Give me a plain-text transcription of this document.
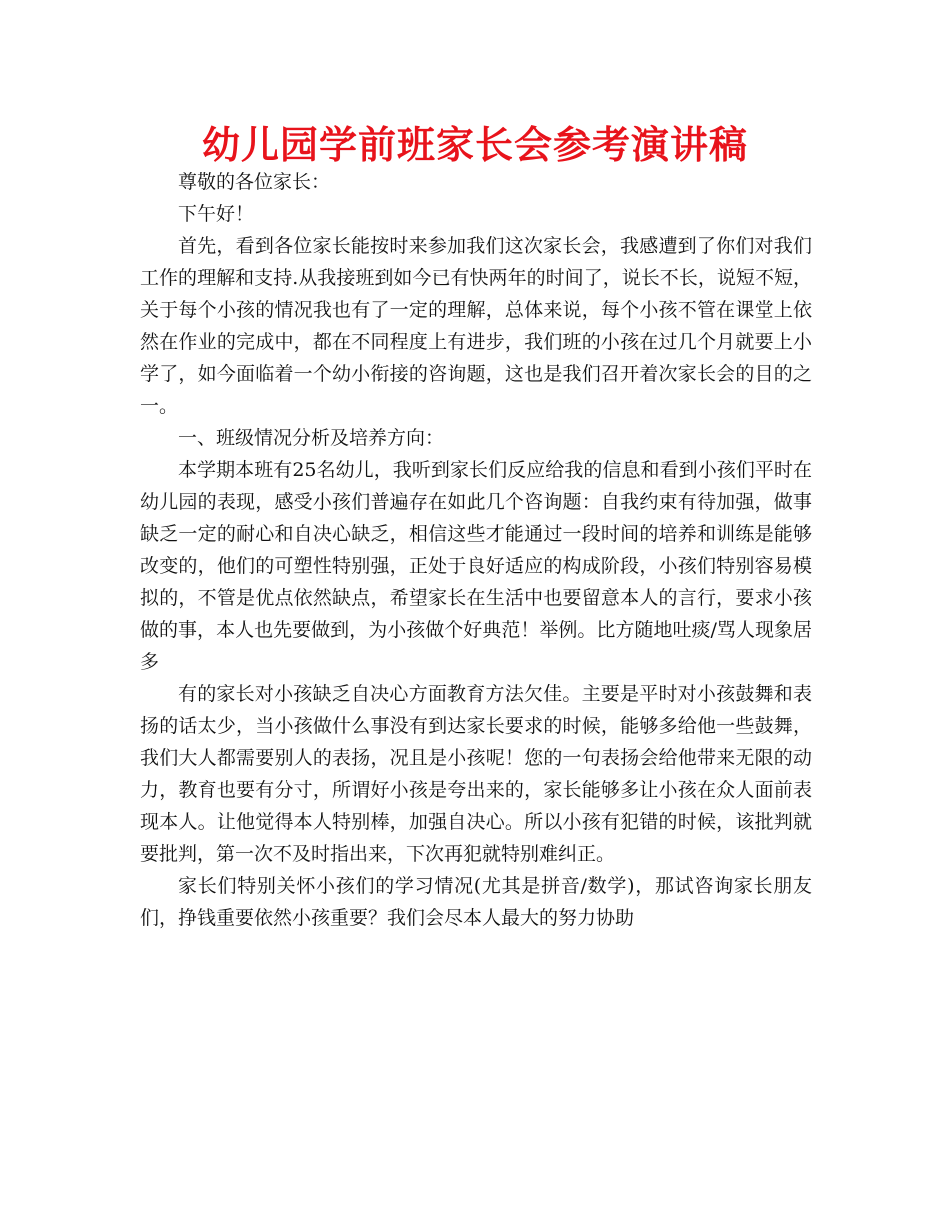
幼儿园学前班家长会参考演讲稿

尊敬的各位家长：

下午好！

首先，看到各位家长能按时来参加我们这次家长会，我感遭到了你们对我们工作的理解和支持.从我接班到如今已有快两年的时间了，说长不长，说短不短，关于每个小孩的情况我也有了一定的理解，总体来说，每个小孩不管在课堂上依然在作业的完成中，都在不同程度上有进步，我们班的小孩在过几个月就要上小学了，如今面临着一个幼小衔接的咨询题，这也是我们召开着次家长会的目的之一。

一、班级情况分析及培养方向：

本学期本班有25名幼儿，我听到家长们反应给我的信息和看到小孩们平时在幼儿园的表现，感受小孩们普遍存在如此几个咨询题：自我约束有待加强，做事缺乏一定的耐心和自决心缺乏，相信这些才能通过一段时间的培养和训练是能够改变的，他们的可塑性特别强，正处于良好适应的构成阶段，小孩们特别容易模拟的，不管是优点依然缺点，希望家长在生活中也要留意本人的言行，要求小孩做的事，本人也先要做到，为小孩做个好典范！举例。比方随地吐痰/骂人现象居多

有的家长对小孩缺乏自决心方面教育方法欠佳。主要是平时对小孩鼓舞和表扬的话太少，当小孩做什么事没有到达家长要求的时候，能够多给他一些鼓舞，我们大人都需要别人的表扬，况且是小孩呢！您的一句表扬会给他带来无限的动力，教育也要有分寸，所谓好小孩是夸出来的，家长能够多让小孩在众人面前表现本人。让他觉得本人特别棒，加强自决心。所以小孩有犯错的时候，该批判就要批判，第一次不及时指出来，下次再犯就特别难纠正。

家长们特别关怀小孩们的学习情况(尤其是拼音/数学)，那试咨询家长朋友们，挣钱重要依然小孩重要？我们会尽本人最大的努力协助
